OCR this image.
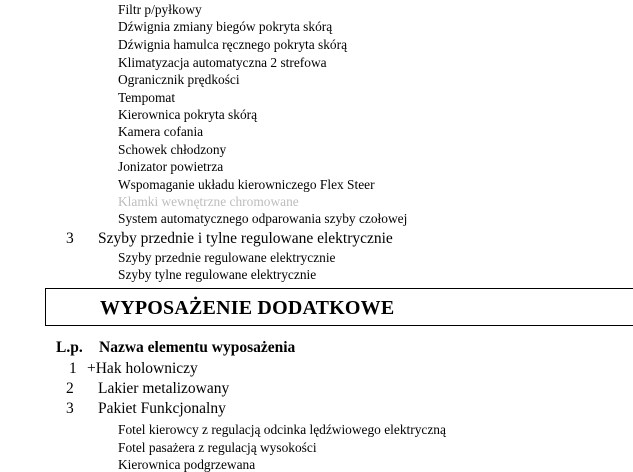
Filtr p/pyłkowy
Dźwignia zmiany biegów pokryta skórą
Dźwignia hamulca ręcznego pokryta skórą
Klimatyzacja automatyczna 2 strefowa
Ogranicznik prędkości
Tempomat
Kierownica pokryta skórą
Kamera cofania
Schowek chłodzony
Jonizator powietrza
Wspomaganie układu kierowniczego Flex Steer
Klamki wewnętrzne chromowane
System automatycznego odparowania szyby czołowej
3 Szyby przednie i tylne regulowane elektrycznie
Szyby przednie regulowane elektrycznie
Szyby tylne regulowane elektrycznie
WYPOSAŻENIE DODATKOWE
L.p. Nazwa elementu wyposażenia
1 +Hak holowniczy
2 Lakier metalizowany
3 Pakiet Funkcjonalny
Fotel kierowcy z regulacją odcinka lędźwiowego elektryczną
Fotel pasażera z regulacją wysokości
Kierownica podgrzewana
